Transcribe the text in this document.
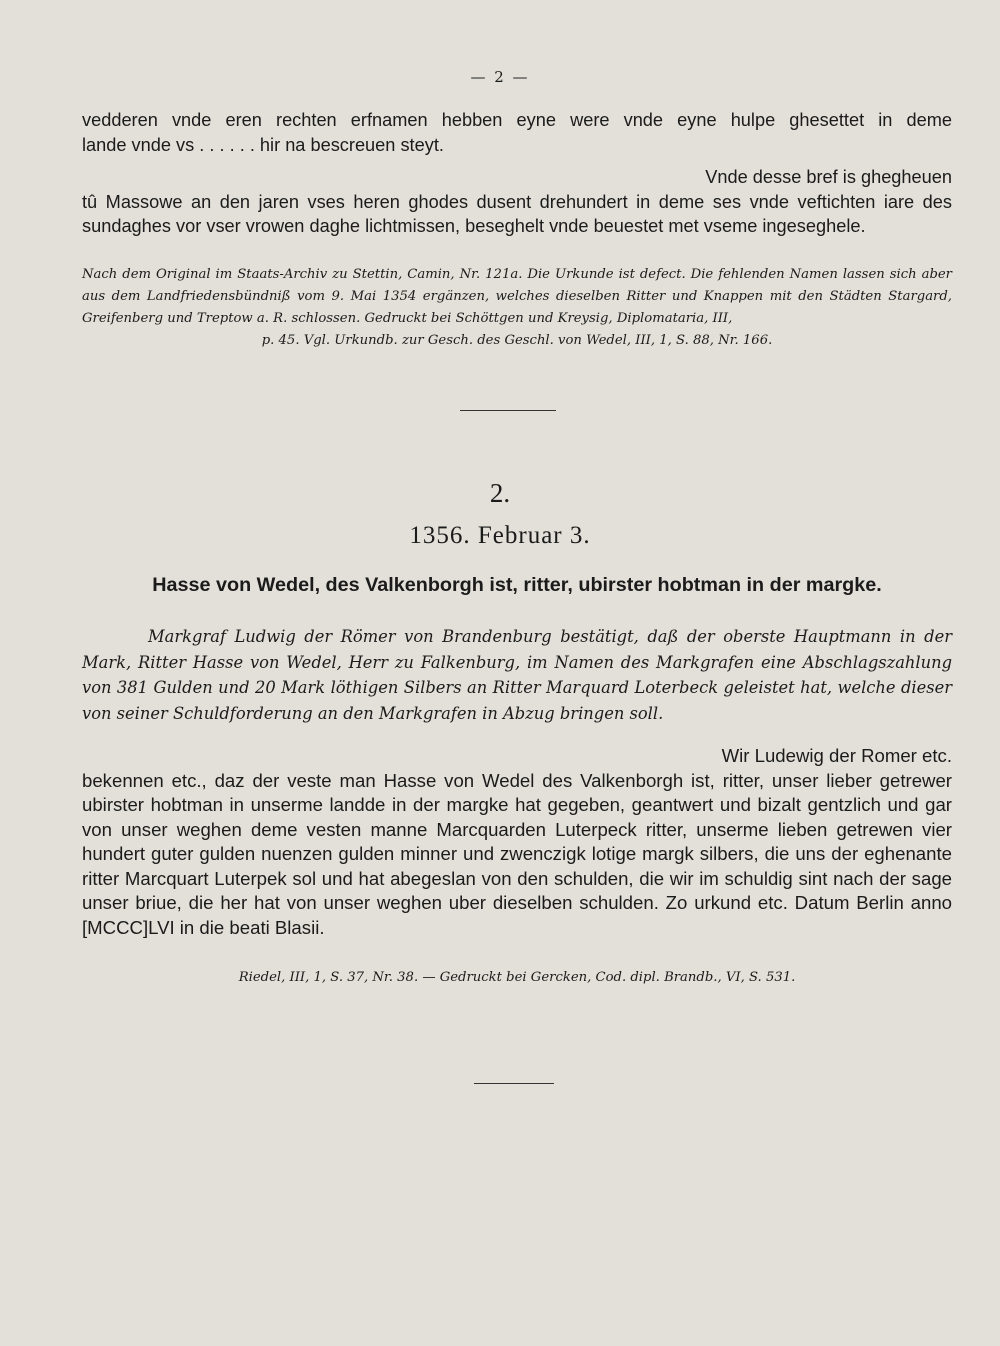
— 2 —

vedderen vnde eren rechten erfnamen hebben eyne were vnde eyne hulpe ghesettet in deme

lande vnde vs . . . . . . hir na bescreuen steyt.

Vnde desse bref is ghegheuen

tû Massowe an den jaren vses heren ghodes dusent drehundert in deme ses vnde veftichten iare des sundaghes vor vser vrowen daghe lichtmissen, beseghelt vnde beuestet met vseme ingeseghele.

Nach dem Original im Staats-Archiv zu Stettin, Camin, Nr. 121a. Die Urkunde ist defect. Die fehlenden Namen lassen sich aber aus dem Landfriedensbündniß vom 9. Mai 1354 ergänzen, welches dieselben Ritter und Knappen mit den Städten Stargard, Greifenberg und Treptow a. R. schlossen. Gedruckt bei Schöttgen und Kreysig, Diplomataria, III,
p. 45. Vgl. Urkundb. zur Gesch. des Geschl. von Wedel, III, 1, S. 88, Nr. 166.
2.
1356. Februar 3.
Hasse von Wedel, des Valkenborgh ist, ritter, ubirster hobtman in der margke.

Markgraf Ludwig der Römer von Brandenburg bestätigt, daß der oberste Hauptmann in der Mark, Ritter Hasse von Wedel, Herr zu Falkenburg, im Namen des Markgrafen eine Abschlagszahlung von 381 Gulden und 20 Mark löthigen Silbers an Ritter Marquard Loterbeck geleistet hat, welche dieser von seiner Schuldforderung an den Markgrafen in Abzug bringen soll.

Wir Ludewig der Romer etc.

bekennen etc., daz der veste man Hasse von Wedel des Valkenborgh ist, ritter, unser lieber getrewer ubirster hobtman in unserme landde in der margke hat gegeben, geantwert und bizalt gentzlich und gar von unser weghen deme vesten manne Marcquarden Luterpeck ritter, unserme lieben getrewen vier hundert guter gulden nuenzen gulden minner und zwenczigk lotige margk silbers, die uns der eghenante ritter Marcquart Luterpek sol und hat abegeslan von den schulden, die wir im schuldig sint nach der sage unser briue, die her hat von unser weghen uber dieselben schulden. Zo urkund etc. Datum Berlin anno [MCCC]LVI in die beati Blasii.

Riedel, III, 1, S. 37, Nr. 38. — Gedruckt bei Gercken, Cod. dipl. Brandb., VI, S. 531.
